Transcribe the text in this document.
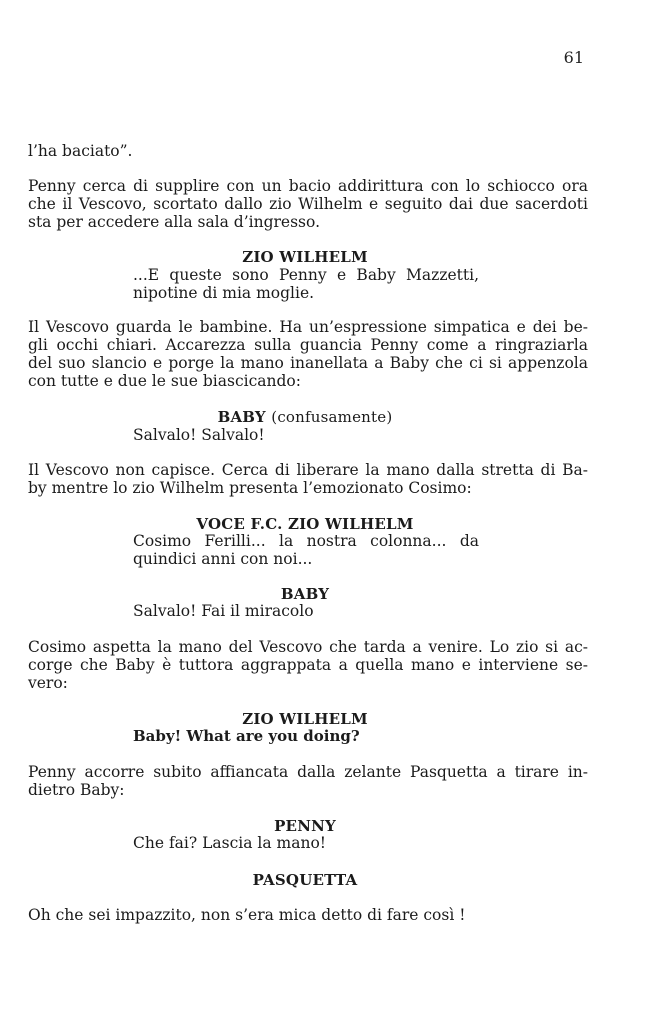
61
l’ha baciato”.
Penny cerca di supplire con un bacio addirittura con lo schiocco ora
che il Vescovo, scortato dallo zio Wilhelm e seguito dai due sacerdoti
sta per accedere alla sala d’ingresso.
ZIO WILHELM
...E queste sono Penny e Baby Mazzetti,
nipotine di mia moglie.
Il Vescovo guarda le bambine. Ha un’espressione simpatica e dei be-
gli occhi chiari. Accarezza sulla guancia Penny come a ringraziarla
del suo slancio e porge la mano inanellata a Baby che ci si appenzola
con tutte e due le sue biascicando:
BABY (confusamente)
Salvalo! Salvalo!
Il Vescovo non capisce. Cerca di liberare la mano dalla stretta di Ba-
by mentre lo zio Wilhelm presenta l’emozionato Cosimo:
VOCE F.C. ZIO WILHELM
Cosimo Ferilli... la nostra colonna... da
quindici anni con noi...
BABY
Salvalo! Fai il miracolo
Cosimo aspetta la mano del Vescovo che tarda a venire. Lo zio si ac-
corge che Baby è tuttora aggrappata a quella mano e interviene se-
vero:
ZIO WILHELM
Baby! What are you doing?
Penny accorre subito affiancata dalla zelante Pasquetta a tirare in-
dietro Baby:
PENNY
Che fai? Lascia la mano!
PASQUETTA
Oh che sei impazzito, non s’era mica detto di fare così !
